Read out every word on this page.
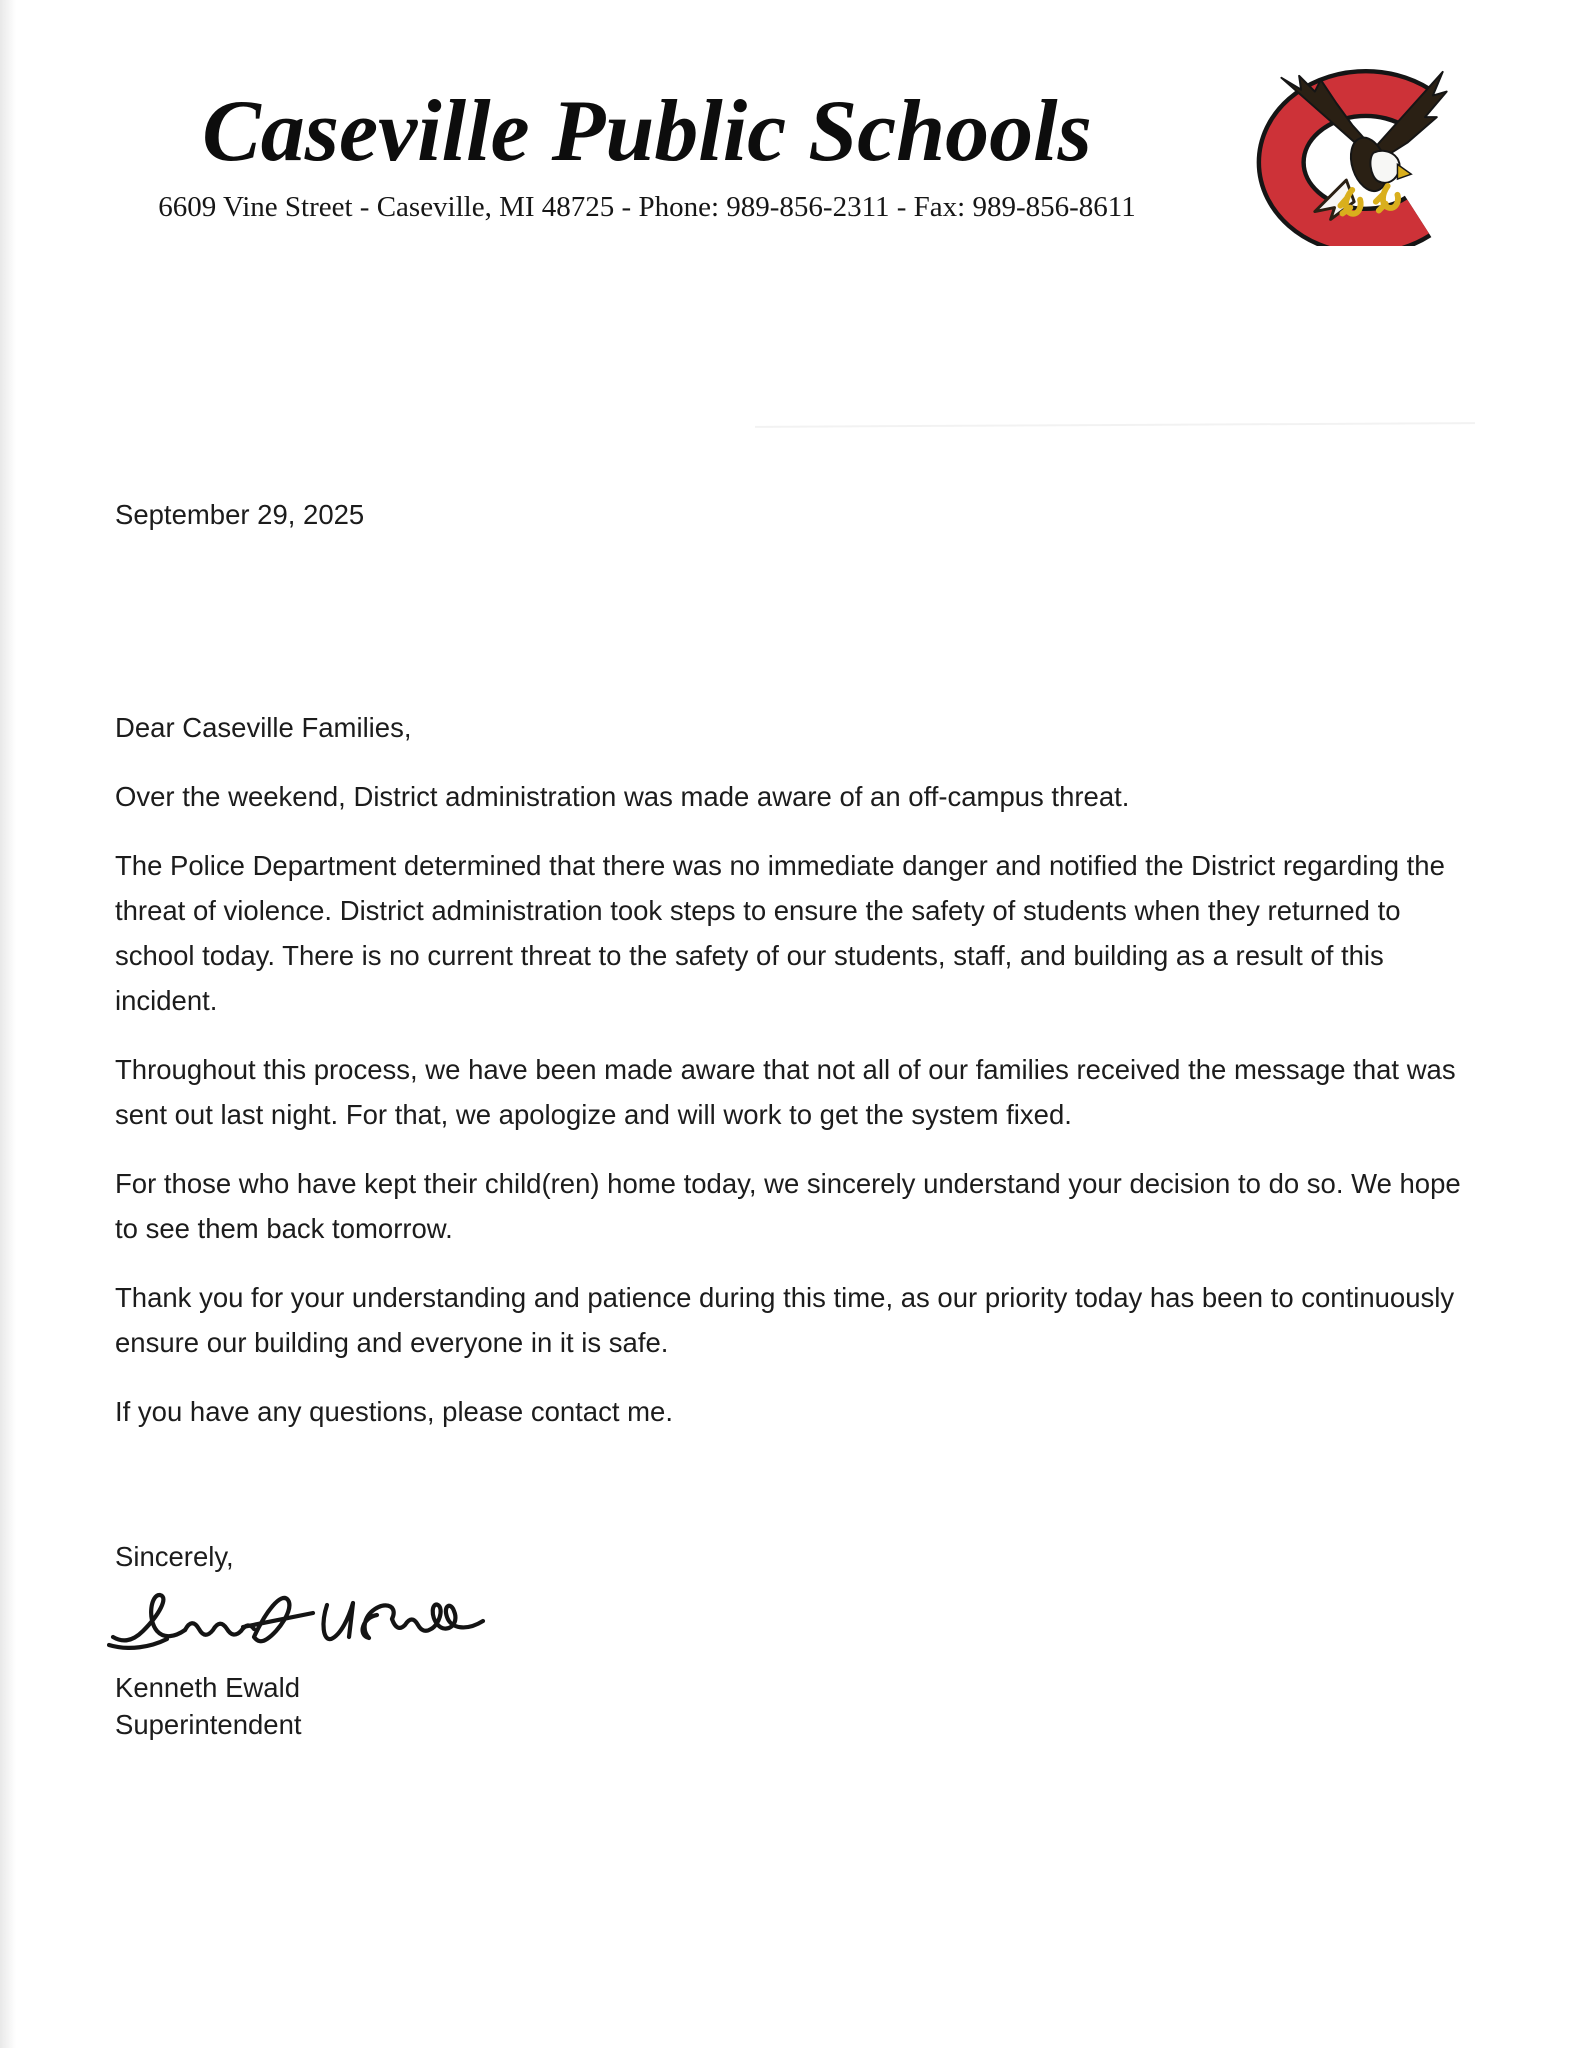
Caseville Public Schools
6609 Vine Street - Caseville, MI 48725 - Phone: 989-856-2311 - Fax: 989-856-8611

September 29, 2025

Dear Caseville Families,

Over the weekend, District administration was made aware of an off-campus threat.

The Police Department determined that there was no immediate danger and notified the District regarding the threat of violence. District administration took steps to ensure the safety of students when they returned to school today. There is no current threat to the safety of our students, staff, and building as a result of this incident.

Throughout this process, we have been made aware that not all of our families received the message that was sent out last night. For that, we apologize and will work to get the system fixed.

For those who have kept their child(ren) home today, we sincerely understand your decision to do so. We hope to see them back tomorrow.

Thank you for your understanding and patience during this time, as our priority today has been to continuously ensure our building and everyone in it is safe.

If you have any questions, please contact me.

Sincerely,

Kenneth Ewald
Superintendent
